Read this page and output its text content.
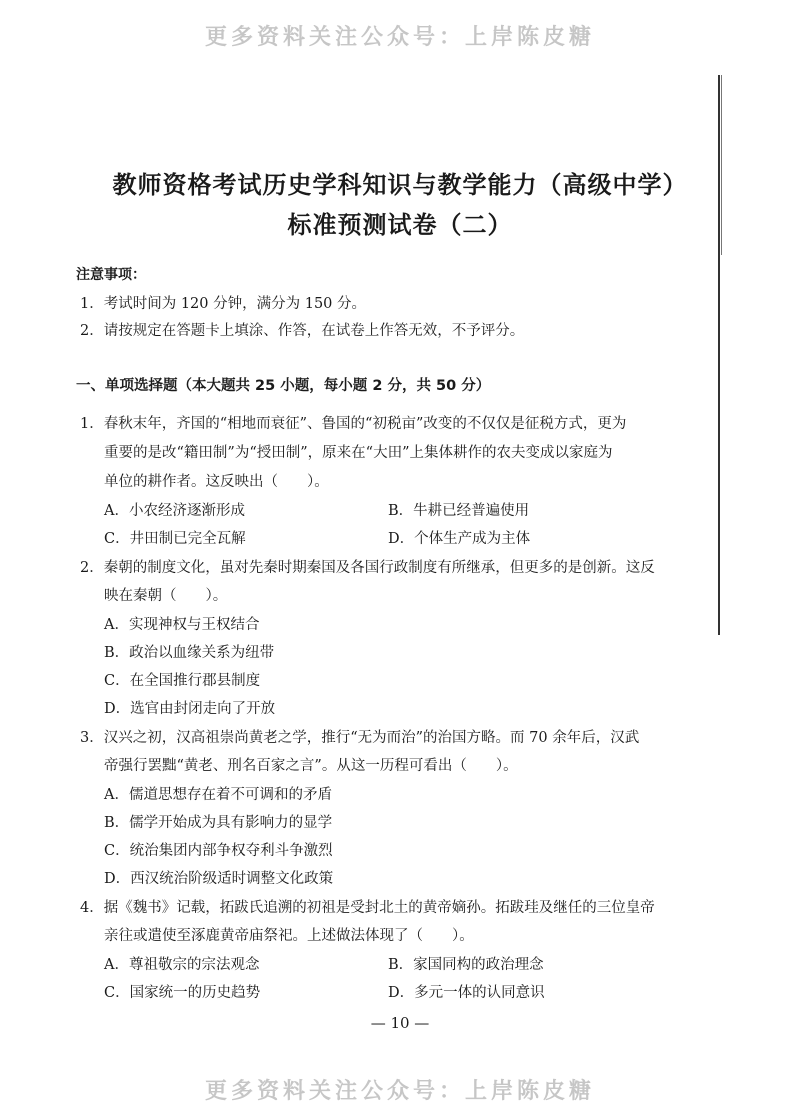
更多资料关注公众号：上岸陈皮糖
教师资格考试历史学科知识与教学能力（高级中学）
标准预测试卷（二）
注意事项：
1．考试时间为 120 分钟，满分为 150 分。
2．请按规定在答题卡上填涂、作答，在试卷上作答无效，不予评分。
一、单项选择题（本大题共 25 小题，每小题 2 分，共 50 分）
1．春秋末年，齐国的“相地而衰征”、鲁国的“初税亩”改变的不仅仅是征税方式，更为
重要的是改“籍田制”为“授田制”，原来在“大田”上集体耕作的农夫变成以家庭为
单位的耕作者。这反映出（　　）。
A．小农经济逐渐形成	B．牛耕已经普遍使用
C．井田制已完全瓦解	D．个体生产成为主体
2．秦朝的制度文化，虽对先秦时期秦国及各国行政制度有所继承，但更多的是创新。这反
映在秦朝（　　）。
A．实现神权与王权结合
B．政治以血缘关系为纽带
C．在全国推行郡县制度
D．选官由封闭走向了开放
3．汉兴之初，汉高祖崇尚黄老之学，推行“无为而治”的治国方略。而 70 余年后，汉武
帝强行罢黜“黄老、刑名百家之言”。从这一历程可看出（　　）。
A．儒道思想存在着不可调和的矛盾
B．儒学开始成为具有影响力的显学
C．统治集团内部争权夺利斗争激烈
D．西汉统治阶级适时调整文化政策
4．据《魏书》记载，拓跋氏追溯的初祖是受封北土的黄帝嫡孙。拓跋珪及继任的三位皇帝
亲往或遣使至涿鹿黄帝庙祭祀。上述做法体现了（　　）。
A．尊祖敬宗的宗法观念	B．家国同构的政治理念
C．国家统一的历史趋势	D．多元一体的认同意识
— 10 —
更多资料关注公众号：上岸陈皮糖
